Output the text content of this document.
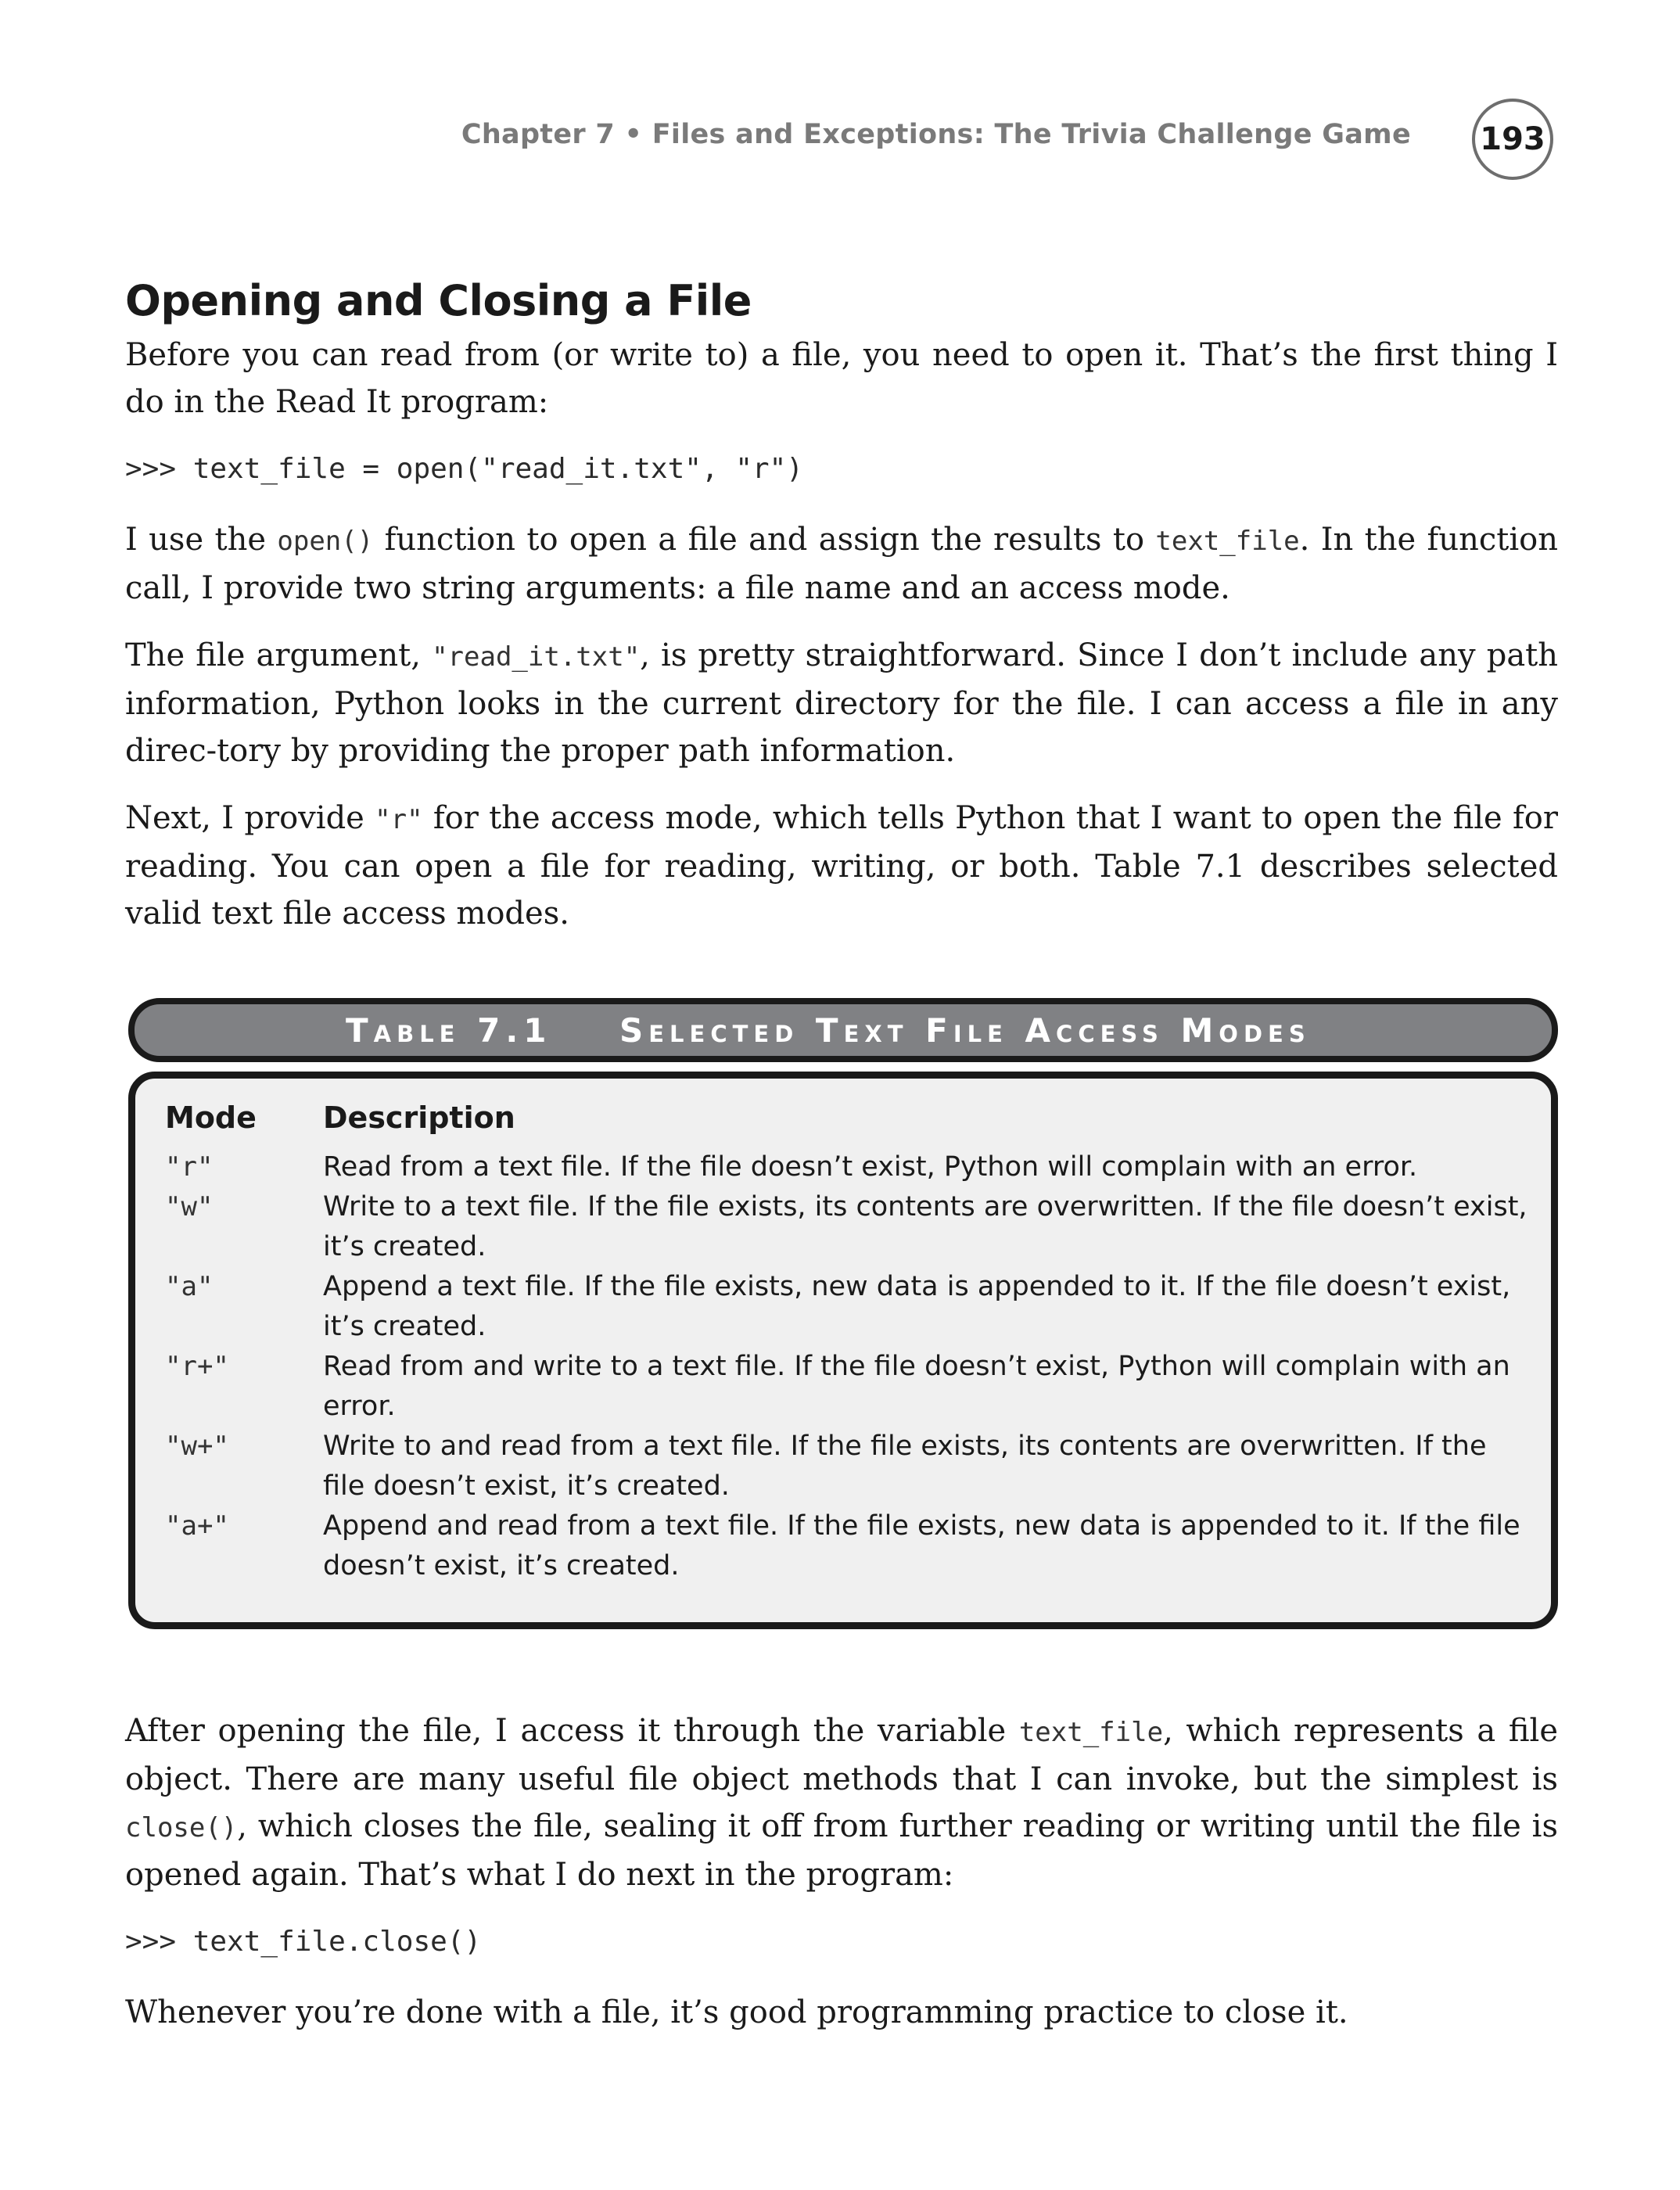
Chapter 7 • Files and Exceptions: The Trivia Challenge Game 193
Opening and Closing a File

Before you can read from (or write to) a file, you need to open it. That’s the first thing I do in the Read It program:

>>> text_file = open("read_it.txt", "r")

I use the open() function to open a file and assign the results to text_file. In the function call, I provide two string arguments: a file name and an access mode.

The file argument, "read_it.txt", is pretty straightforward. Since I don’t include any path information, Python looks in the current directory for the file. I can access a file in any direc-tory by providing the proper path information.

Next, I provide "r" for the access mode, which tells Python that I want to open the file for reading. You can open a file for reading, writing, or both. Table 7.1 describes selected valid text file access modes.

Table 7.1 Selected Text File Access Modes
Mode	Description
"r"	Read from a text file. If the file doesn’t exist, Python will complain with an error.
"w"	Write to a text file. If the file exists, its contents are overwritten. If the file doesn’t exist, it’s created.
"a"	Append a text file. If the file exists, new data is appended to it. If the file doesn’t exist, it’s created.
"r+"	Read from and write to a text file. If the file doesn’t exist, Python will complain with an error.
"w+"	Write to and read from a text file. If the file exists, its contents are overwritten. If the file doesn’t exist, it’s created.
"a+"	Append and read from a text file. If the file exists, new data is appended to it. If the file doesn’t exist, it’s created.

After opening the file, I access it through the variable text_file, which represents a file object. There are many useful file object methods that I can invoke, but the simplest is close(), which closes the file, sealing it off from further reading or writing until the file is opened again. That’s what I do next in the program:

>>> text_file.close()

Whenever you’re done with a file, it’s good programming practice to close it.
